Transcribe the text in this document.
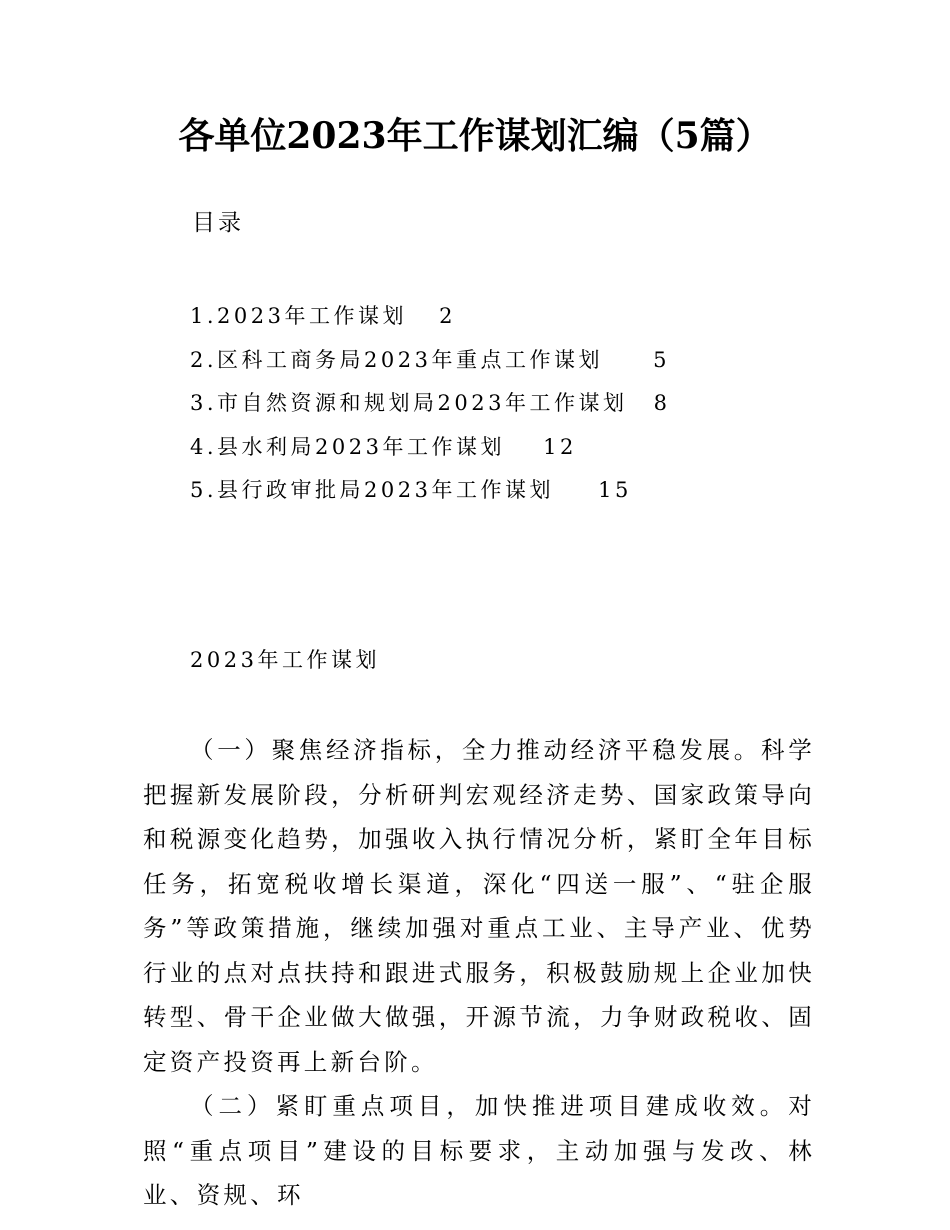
各单位2023年工作谋划汇编（5篇）
目录
1.2023年工作谋划 2
2.区科工商务局2023年重点工作谋划 5
3.市自然资源和规划局2023年工作谋划 8
4.县水利局2023年工作谋划 12
5.县行政审批局2023年工作谋划 15
2023年工作谋划

（一）聚焦经济指标，全力推动经济平稳发展。科学把握新发展阶段，分析研判宏观经济走势、国家政策导向和税源变化趋势，加强收入执行情况分析，紧盯全年目标任务，拓宽税收增长渠道，深化“四送一服”、“驻企服务”等政策措施，继续加强对重点工业、主导产业、优势行业的点对点扶持和跟进式服务，积极鼓励规上企业加快转型、骨干企业做大做强，开源节流，力争财政税收、固定资产投资再上新台阶。

（二）紧盯重点项目，加快推进项目建成收效。对照“重点项目”建设的目标要求，主动加强与发改、林业、资规、环
